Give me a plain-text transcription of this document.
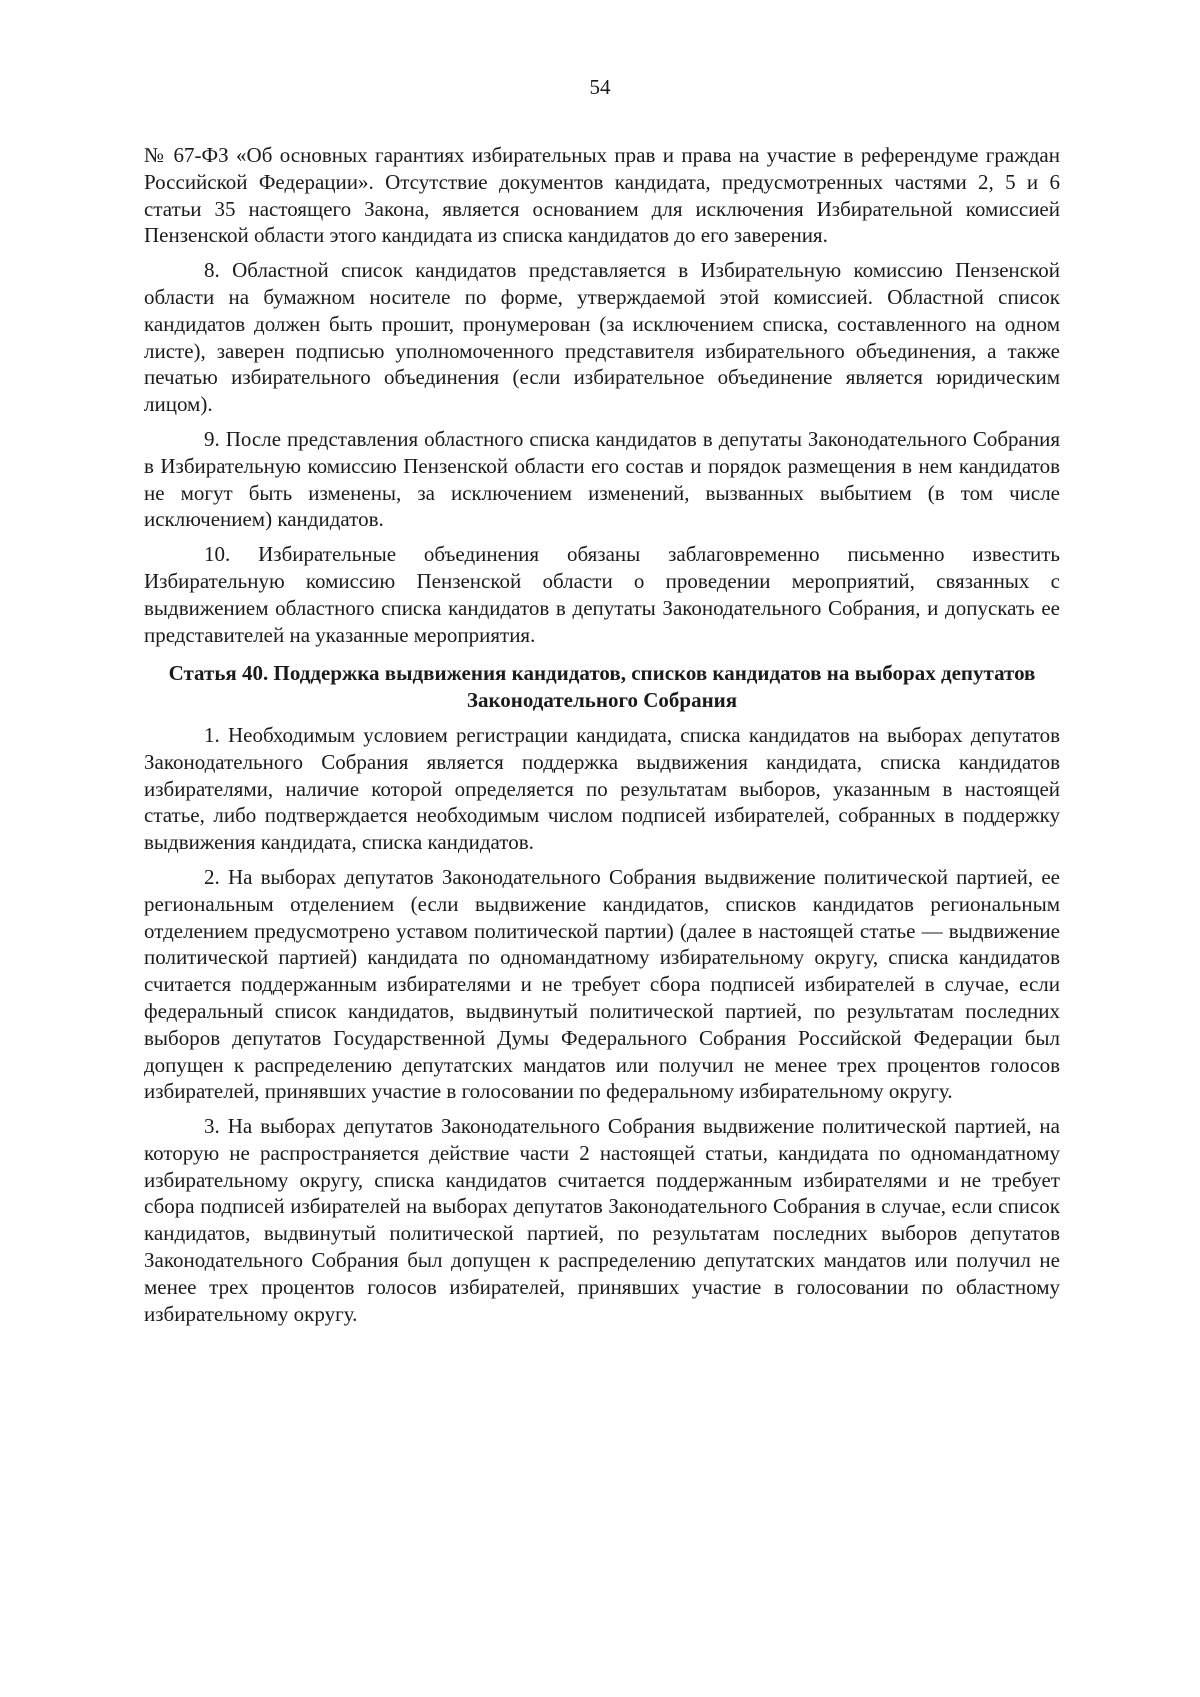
54

№ 67-ФЗ «Об основных гарантиях избирательных прав и права на участие в референдуме граждан Российской Федерации». Отсутствие документов кандидата, предусмотренных частями 2, 5 и 6 статьи 35 настоящего Закона, является основанием для исключения Избирательной комиссией Пензенской области этого кандидата из списка кандидатов до его заверения.

8. Областной список кандидатов представляется в Избирательную комиссию Пензенской области на бумажном носителе по форме, утверждаемой этой комиссией. Областной список кандидатов должен быть прошит, пронумерован (за исключением списка, составленного на одном листе), заверен подписью уполномоченного представителя избирательного объединения, а также печатью избирательного объединения (если избирательное объединение является юридическим лицом).

9. После представления областного списка кандидатов в депутаты Законодательного Собрания в Избирательную комиссию Пензенской области его состав и порядок размещения в нем кандидатов не могут быть изменены, за исключением изменений, вызванных выбытием (в том числе исключением) кандидатов.

10. Избирательные объединения обязаны заблаговременно письменно известить Избирательную комиссию Пензенской области о проведении мероприятий, связанных с выдвижением областного списка кандидатов в депутаты Законодательного Собрания, и допускать ее представителей на указанные мероприятия.

Статья 40. Поддержка выдвижения кандидатов, списков кандидатов на выборах депутатов Законодательного Собрания

1. Необходимым условием регистрации кандидата, списка кандидатов на выборах депутатов Законодательного Собрания является поддержка выдвижения кандидата, списка кандидатов избирателями, наличие которой определяется по результатам выборов, указанным в настоящей статье, либо подтверждается необходимым числом подписей избирателей, собранных в поддержку выдвижения кандидата, списка кандидатов.

2. На выборах депутатов Законодательного Собрания выдвижение политической партией, ее региональным отделением (если выдвижение кандидатов, списков кандидатов региональным отделением предусмотрено уставом политической партии) (далее в настоящей статье — выдвижение политической партией) кандидата по одномандатному избирательному округу, списка кандидатов считается поддержанным избирателями и не требует сбора подписей избирателей в случае, если федеральный список кандидатов, выдвинутый политической партией, по результатам последних выборов депутатов Государственной Думы Федерального Собрания Российской Федерации был допущен к распределению депутатских мандатов или получил не менее трех процентов голосов избирателей, принявших участие в голосовании по федеральному избирательному округу.

3. На выборах депутатов Законодательного Собрания выдвижение политической партией, на которую не распространяется действие части 2 настоящей статьи, кандидата по одномандатному избирательному округу, списка кандидатов считается поддержанным избирателями и не требует сбора подписей избирателей на выборах депутатов Законодательного Собрания в случае, если список кандидатов, выдвинутый политической партией, по результатам последних выборов депутатов Законодательного Собрания был допущен к распределению депутатских мандатов или получил не менее трех процентов голосов избирателей, принявших участие в голосовании по областному избирательному округу.
